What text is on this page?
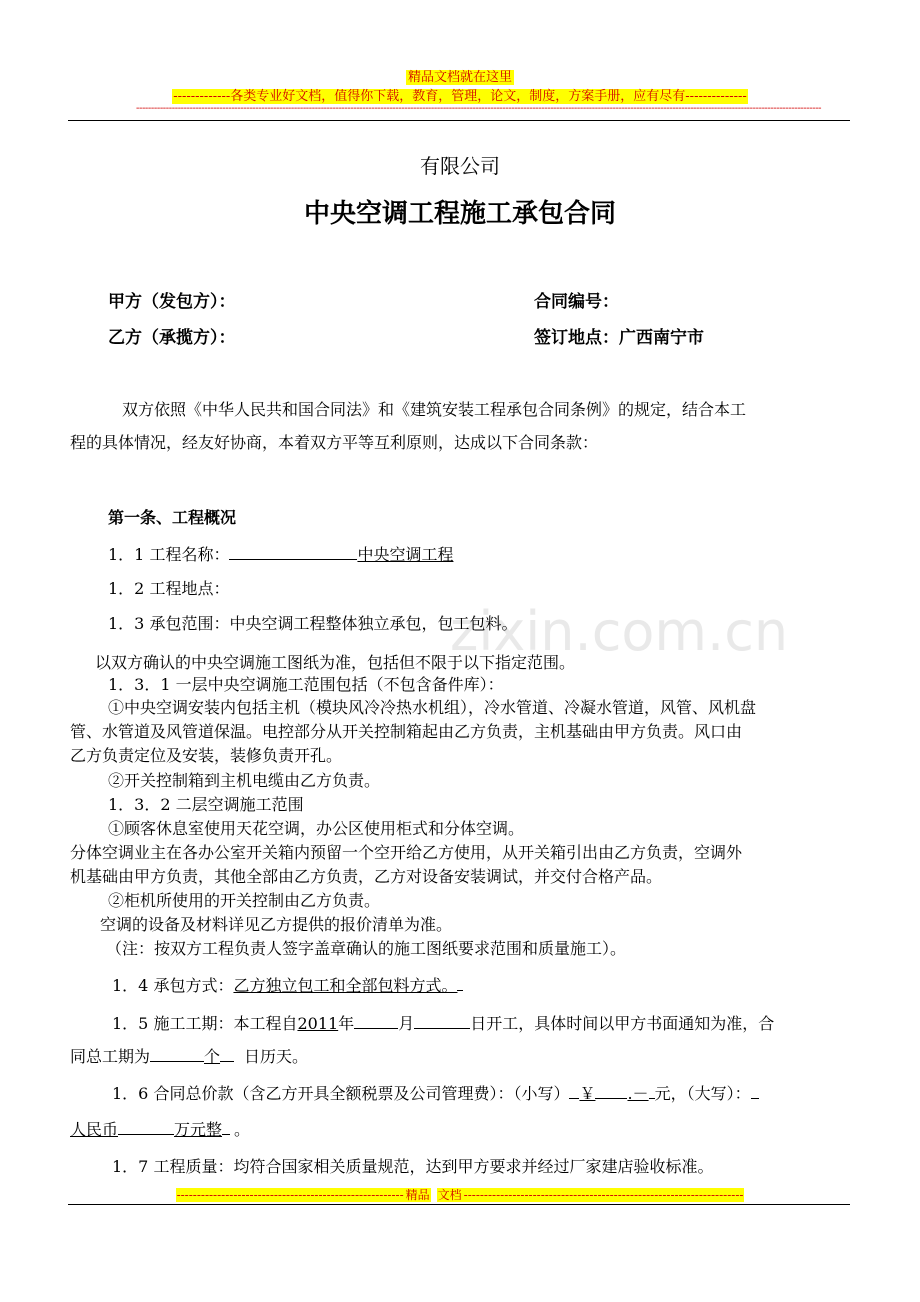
精品文档就在这里
-------------各类专业好文档，值得你下载，教育，管理，论文，制度，方案手册，应有尽有--------------
--------------------------------------------------------------------------------------------------------------------------------------------------------------------------------------------------------------------------------------
zixin.com.cn
有限公司
中央空调工程施工承包合同
甲方（发包方）：	合同编号：
乙方（承揽方）：	签订地点：广西南宁市
双方依照《中华人民共和国合同法》和《建筑安装工程承包合同条例》的规定，结合本工
程的具体情况，经友好协商，本着双方平等互利原则，达成以下合同条款：
第一条、工程概况
1．1 工程名称：	中央空调工程
1．2 工程地点：
1．3 承包范围：中央空调工程整体独立承包，包工包料。
以双方确认的中央空调施工图纸为准，包括但不限于以下指定范围。
1．3．1 一层中央空调施工范围包括（不包含备件库）：
①中央空调安装内包括主机（模块风冷冷热水机组），冷水管道、冷凝水管道，风管、风机盘
管、水管道及风管道保温。电控部分从开关控制箱起由乙方负责，主机基础由甲方负责。风口由
乙方负责定位及安装，装修负责开孔。
②开关控制箱到主机电缆由乙方负责。
1．3．2 二层空调施工范围
①顾客休息室使用天花空调，办公区使用柜式和分体空调。
分体空调业主在各办公室开关箱内预留一个空开给乙方使用，从开关箱引出由乙方负责，空调外
机基础由甲方负责，其他全部由乙方负责，乙方对设备安装调试，并交付合格产品。
②柜机所使用的开关控制由乙方负责。
空调的设备及材料详见乙方提供的报价清单为准。
（注：按双方工程负责人签字盖章确认的施工图纸要求范围和质量施工）。
1．4 承包方式：乙方独立包工和全部包料方式。
1．5 施工工期：本工程自2011年	月	日开工，具体时间以甲方书面通知为准，合
同总工期为	个 日历天。
1．6 合同总价款（含乙方开具全额税票及公司管理费）：（小写） ￥ .－ 元，（大写）：
人民币	万元整 。
1．7 工程质量：均符合国家相关质量规范，达到甲方要求并经过厂家建店验收标准。
-------------------------------------------------------- 精品 文档 ---------------------------------------------------------------------
